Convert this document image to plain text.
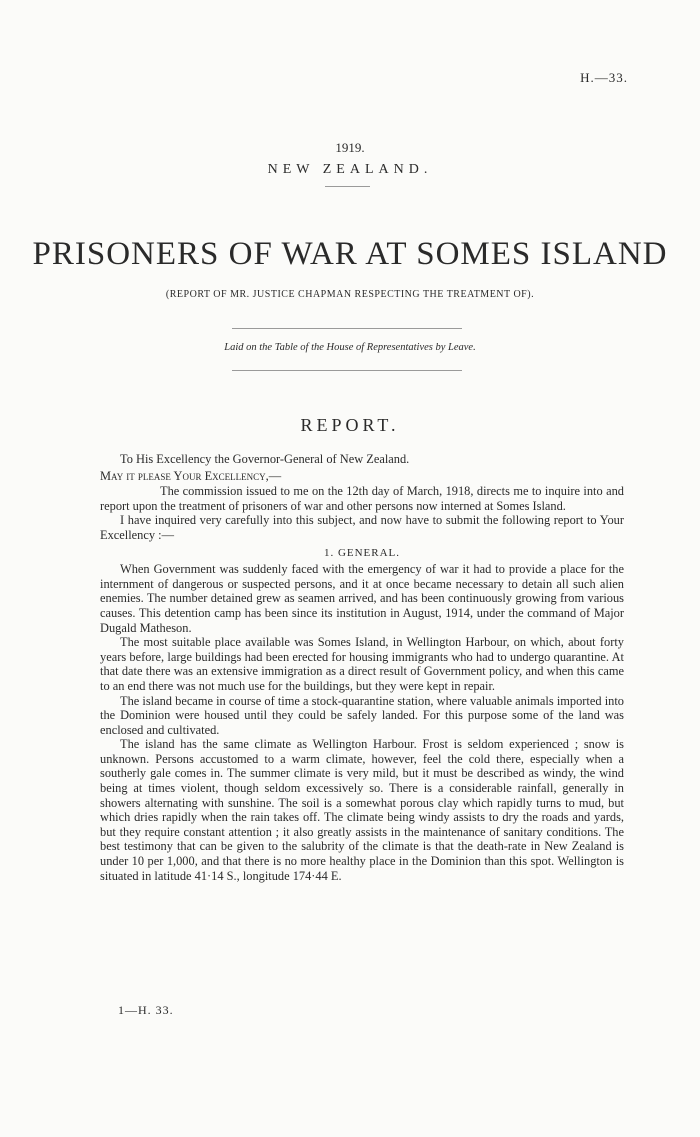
H.—33.
1919.
NEW ZEALAND.
PRISONERS OF WAR AT SOMES ISLAND
(REPORT OF MR. JUSTICE CHAPMAN RESPECTING THE TREATMENT OF).
Laid on the Table of the House of Representatives by Leave.
REPORT.

To His Excellency the Governor-General of New Zealand.

May it please Your Excellency,—

The commission issued to me on the 12th day of March, 1918, directs me to inquire into and report upon the treatment of prisoners of war and other persons now interned at Somes Island.

I have inquired very carefully into this subject, and now have to submit the following report to Your Excellency :—

1. GENERAL.

When Government was suddenly faced with the emergency of war it had to provide a place for the internment of dangerous or suspected persons, and it at once became necessary to detain all such alien enemies. The number detained grew as seamen arrived, and has been continuously growing from various causes. This detention camp has been since its institution in August, 1914, under the command of Major Dugald Matheson.

The most suitable place available was Somes Island, in Wellington Harbour, on which, about forty years before, large buildings had been erected for housing immigrants who had to undergo quarantine. At that date there was an extensive immigration as a direct result of Government policy, and when this came to an end there was not much use for the buildings, but they were kept in repair.

The island became in course of time a stock-quarantine station, where valuable animals imported into the Dominion were housed until they could be safely landed. For this purpose some of the land was enclosed and cultivated.

The island has the same climate as Wellington Harbour. Frost is seldom experienced ; snow is unknown. Persons accustomed to a warm climate, however, feel the cold there, especially when a southerly gale comes in. The summer climate is very mild, but it must be described as windy, the wind being at times violent, though seldom excessively so. There is a considerable rainfall, generally in showers alternating with sunshine. The soil is a somewhat porous clay which rapidly turns to mud, but which dries rapidly when the rain takes off. The climate being windy assists to dry the roads and yards, but they require constant attention ; it also greatly assists in the maintenance of sanitary conditions. The best testimony that can be given to the salubrity of the climate is that the death-rate in New Zealand is under 10 per 1,000, and that there is no more healthy place in the Dominion than this spot. Wellington is situated in latitude 41·14 S., longitude 174·44 E.

1—H. 33.
